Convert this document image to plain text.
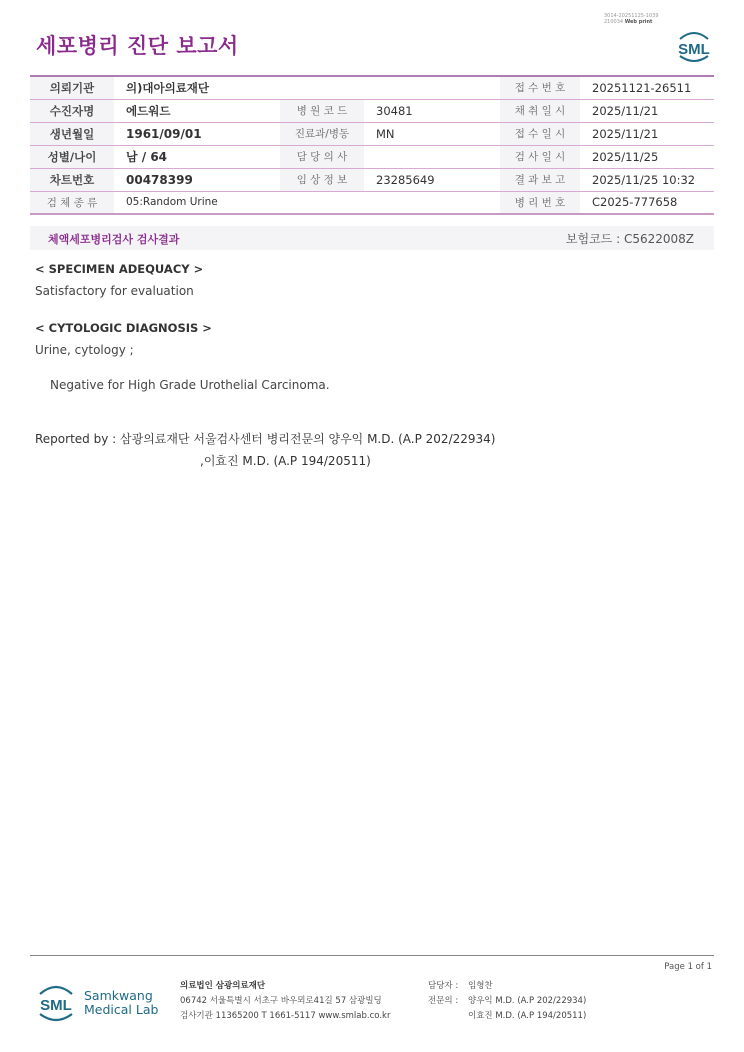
세포병리 진단 보고서
3014-20251125-1039
210034 Web print
SML
의뢰기관	의)대아의료재단			접 수 번 호	20251121-26511
수진자명	에드워드	병 원 코 드	30481	채 취 일 시	2025/11/21
생년월일	1961/09/01	진료과/병동	MN	접 수 일 시	2025/11/21
성별/나이	남 / 64	담 당 의 사		검 사 일 시	2025/11/25
차트번호	00478399	임 상 정 보	23285649	결 과 보 고	2025/11/25 10:32
검 체 종 류	05:Random Urine			병 리 번 호	C2025-777658
체액세포병리검사 검사결과	보험코드 : C5622008Z
< SPECIMEN ADEQUACY >
Satisfactory for evaluation
< CYTOLOGIC DIAGNOSIS >
Urine, cytology ;
Negative for High Grade Urothelial Carcinoma.
Reported by : 삼광의료재단 서울검사센터 병리전문의 양우익 M.D. (A.P 202/22934)
,이효진 M.D. (A.P 194/20511)
Page 1 of 1
SML
Samkwang
Medical Lab
의료법인 삼광의료재단
06742 서울특별시 서초구 바우뫼로41길 57 삼광빌딩
검사기관 11365200 T 1661-5117 www.smlab.co.kr
담당자 : 임형찬
전문의 : 양우익 M.D. (A.P 202/22934)
이효진 M.D. (A.P 194/20511)
